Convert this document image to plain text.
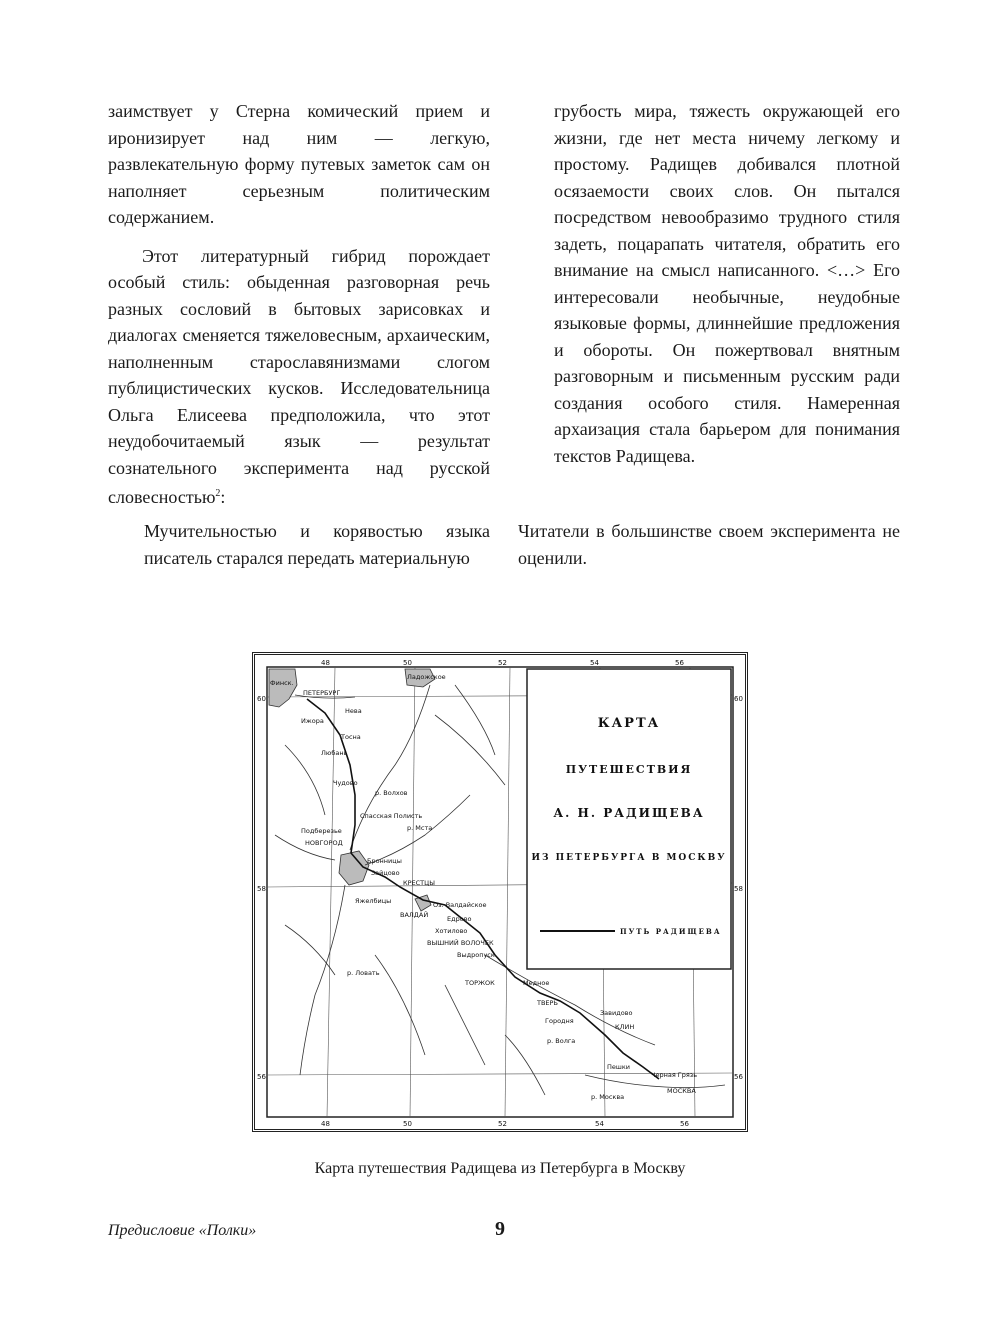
заимствует у Стерна комический прием и иронизирует над ним — легкую, развлекательную форму путевых заметок сам он наполняет серьезным политическим содержанием.

Этот литературный гибрид порождает особый стиль: обыденная разговорная речь разных сословий в бытовых зарисовках и диалогах сменяется тяжеловесным, архаическим, наполненным старославянизмами слогом публицистических кусков. Исследовательница Ольга Елисеева предположила, что этот неудобочитаемый язык — результат сознательного эксперимента над русской словесностью$^2$:

грубость мира, тяжесть окружающей его жизни, где нет места ничему легкому и простому. Радищев добивался плотной осязаемости своих слов. Он пытался посредством невообразимо трудного стиля задеть, поцарапать читателя, обратить его внимание на смысл написанного. <…> Его интересовали необычные, неудобные языковые формы, длиннейшие предложения и обороты. Он пожертвовал внятным разговорным и письменным русским ради создания особого стиля. Намеренная архаизация стала барьером для понимания текстов Радищева.

Мучительностью и корявостью языка писатель старался передать материальную

Читатели в большинстве своем эксперимента не оценили.

48	50	52	54	56
48	50	52	54	56
60
58
56
60
58
56
КАРТА
ПУТЕШЕСТВИЯ
А. Н. РАДИЩЕВА
ИЗ ПЕТЕРБУРГА В МОСКВУ
ПУТЬ РАДИЩЕВА
Ладожское
Финск.
ПЕТЕРБУРГ
Нева
Ижора
Тосна
Любань
Чудово
р. Волхов
Спасская Полисть
Подберезье
НОВГОРОД
р. Мста
Бронницы
Зайцово
КРЕСТЦЫ
Яжелбицы	Оз. Валдайское
ВАЛДАЙ	Едрово
Хотилово
ВЫШНИЙ ВОЛОЧЕК
Выдропуск
р. Ловать
ТОРЖОК	Медное
ТВЕРЬ
Завидово
Городня
КЛИН
р. Волга
Пешки
Черная Грязь
р. Москва
МОСКВА
Карта путешествия Радищева из Петербурга в Москву
Предисловие «Полки»	9
